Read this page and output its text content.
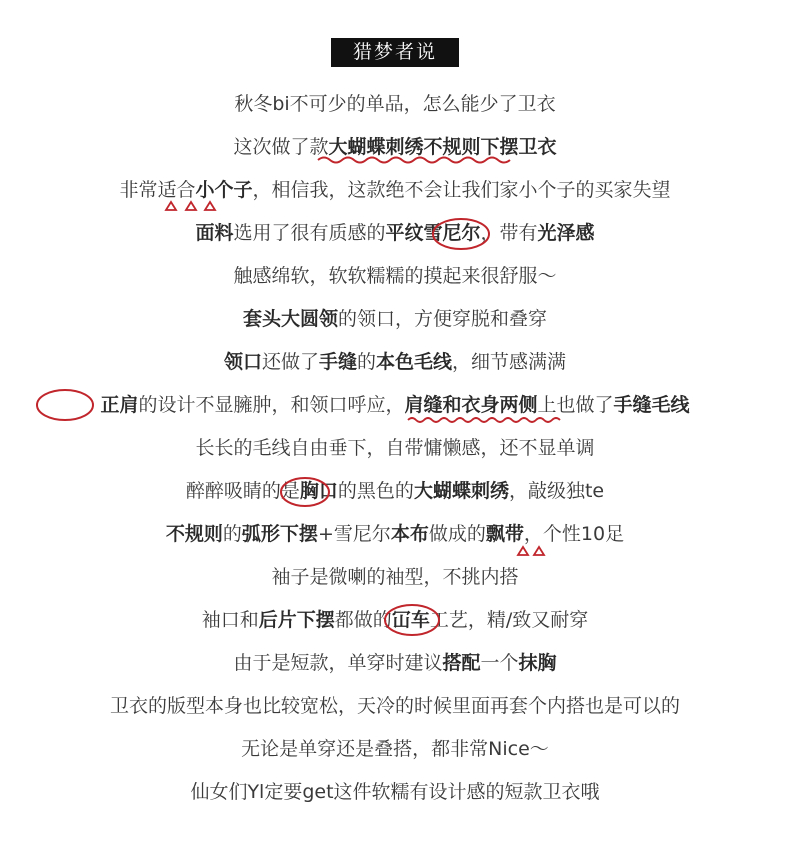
猎梦者说
秋冬bi不可少的单品，怎么能少了卫衣
这次做了款大蝴蝶刺绣不规则下摆卫衣
非常适合小个子，相信我，这款绝不会让我们家小个子的买家失望
面料选用了很有质感的平纹雪尼尔，带有光泽感
触感绵软，软软糯糯的摸起来很舒服～
套头大圆领的领口，方便穿脱和叠穿
领口还做了手缝的本色毛线，细节感满满
正肩的设计不显臃肿，和领口呼应，肩缝和衣身两侧上也做了手缝毛线
长长的毛线自由垂下，自带慵懒感，还不显单调
醉醉吸睛的是胸口的黑色的大蝴蝶刺绣，敲级独te
不规则的弧形下摆+雪尼尔本布做成的飘带，个性10足
袖子是微喇的袖型，不挑内搭
袖口和后片下摆都做的冚车工艺，精/致又耐穿
由于是短款，单穿时建议搭配一个抹胸
卫衣的版型本身也比较宽松，天冷的时候里面再套个内搭也是可以的
无论是单穿还是叠搭，都非常Nice～
仙女们Yl定要get这件软糯有设计感的短款卫衣哦
